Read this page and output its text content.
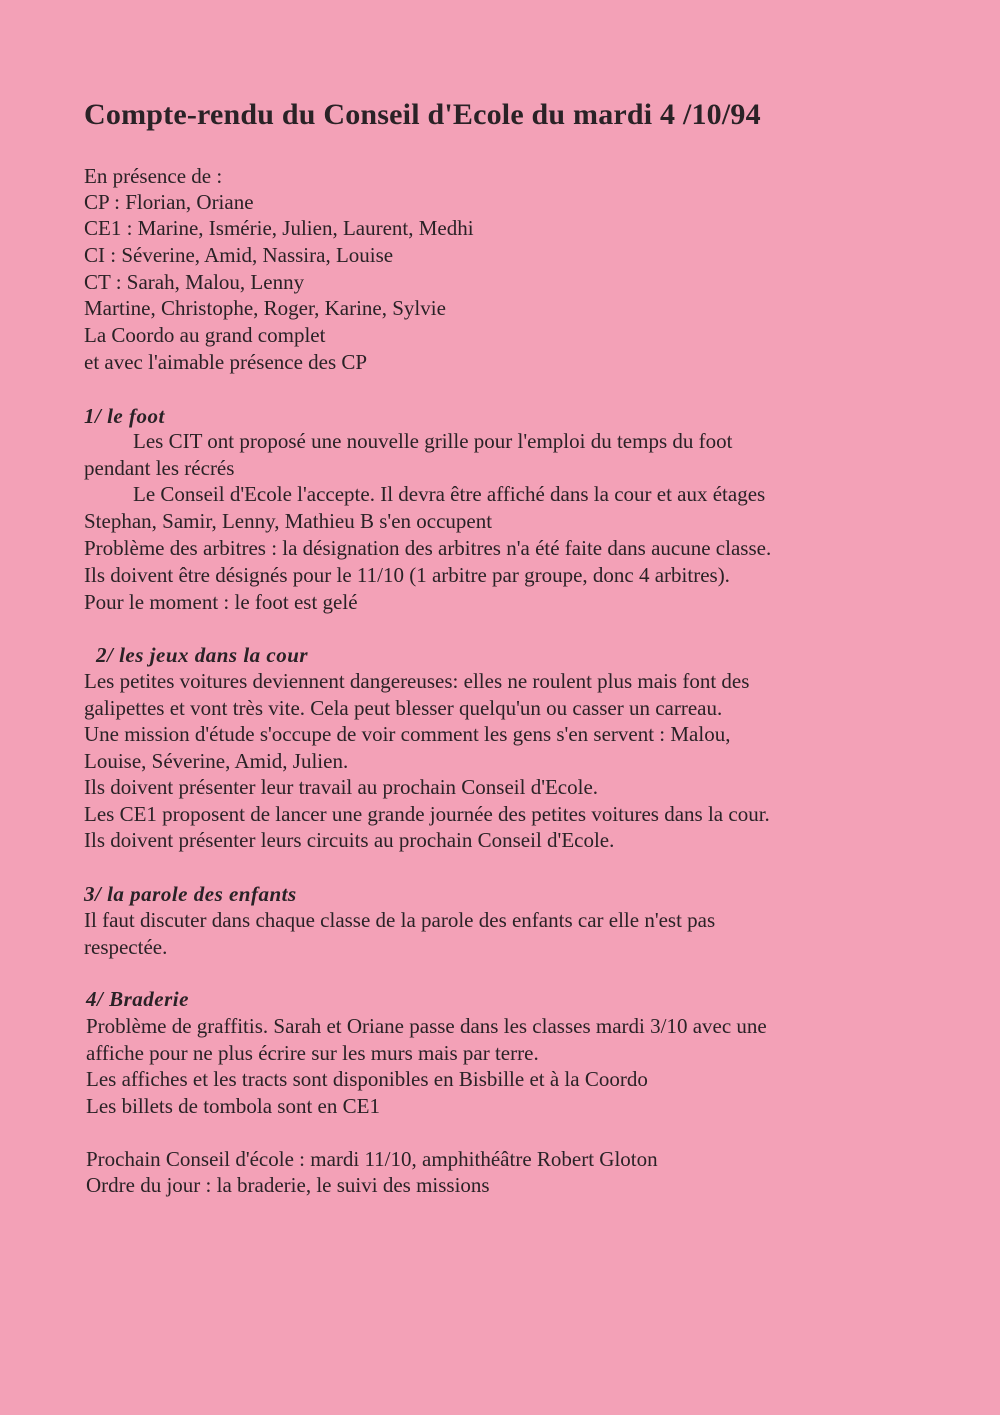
Compte-rendu du Conseil d'Ecole du mardi 4 /10/94
En présence de :
CP : Florian, Oriane
CE1 : Marine, Ismérie, Julien, Laurent, Medhi
CI : Séverine, Amid, Nassira, Louise
CT : Sarah, Malou, Lenny
Martine, Christophe, Roger, Karine, Sylvie
La Coordo au grand complet
et avec l'aimable présence des CP
1/ le foot
Les CIT ont proposé une nouvelle grille pour l'emploi du temps du foot
pendant les récrés
Le Conseil d'Ecole l'accepte. Il devra être affiché dans la cour et aux étages
Stephan, Samir, Lenny, Mathieu B s'en occupent
Problème des arbitres : la désignation des arbitres n'a été faite dans aucune classe.
Ils doivent être désignés pour le 11/10 (1 arbitre par groupe, donc 4 arbitres).
Pour le moment : le foot est gelé
2/ les jeux dans la cour
Les petites voitures deviennent dangereuses: elles ne roulent plus mais font des
galipettes et vont très vite. Cela peut blesser quelqu'un ou casser un carreau.
Une mission d'étude s'occupe de voir comment les gens s'en servent : Malou,
Louise, Séverine, Amid, Julien.
Ils doivent présenter leur travail au prochain Conseil d'Ecole.
Les CE1 proposent de lancer une grande journée des petites voitures dans la cour.
Ils doivent présenter leurs circuits au prochain Conseil d'Ecole.
3/ la parole des enfants
Il faut discuter dans chaque classe de la parole des enfants car elle n'est pas
respectée.
4/ Braderie
Problème de graffitis. Sarah et Oriane passe dans les classes mardi 3/10 avec une
affiche pour ne plus écrire sur les murs mais par terre.
Les affiches et les tracts sont disponibles en Bisbille et à la Coordo
Les billets de tombola sont en CE1
Prochain Conseil d'école : mardi 11/10, amphithéâtre Robert Gloton
Ordre du jour : la braderie, le suivi des missions
